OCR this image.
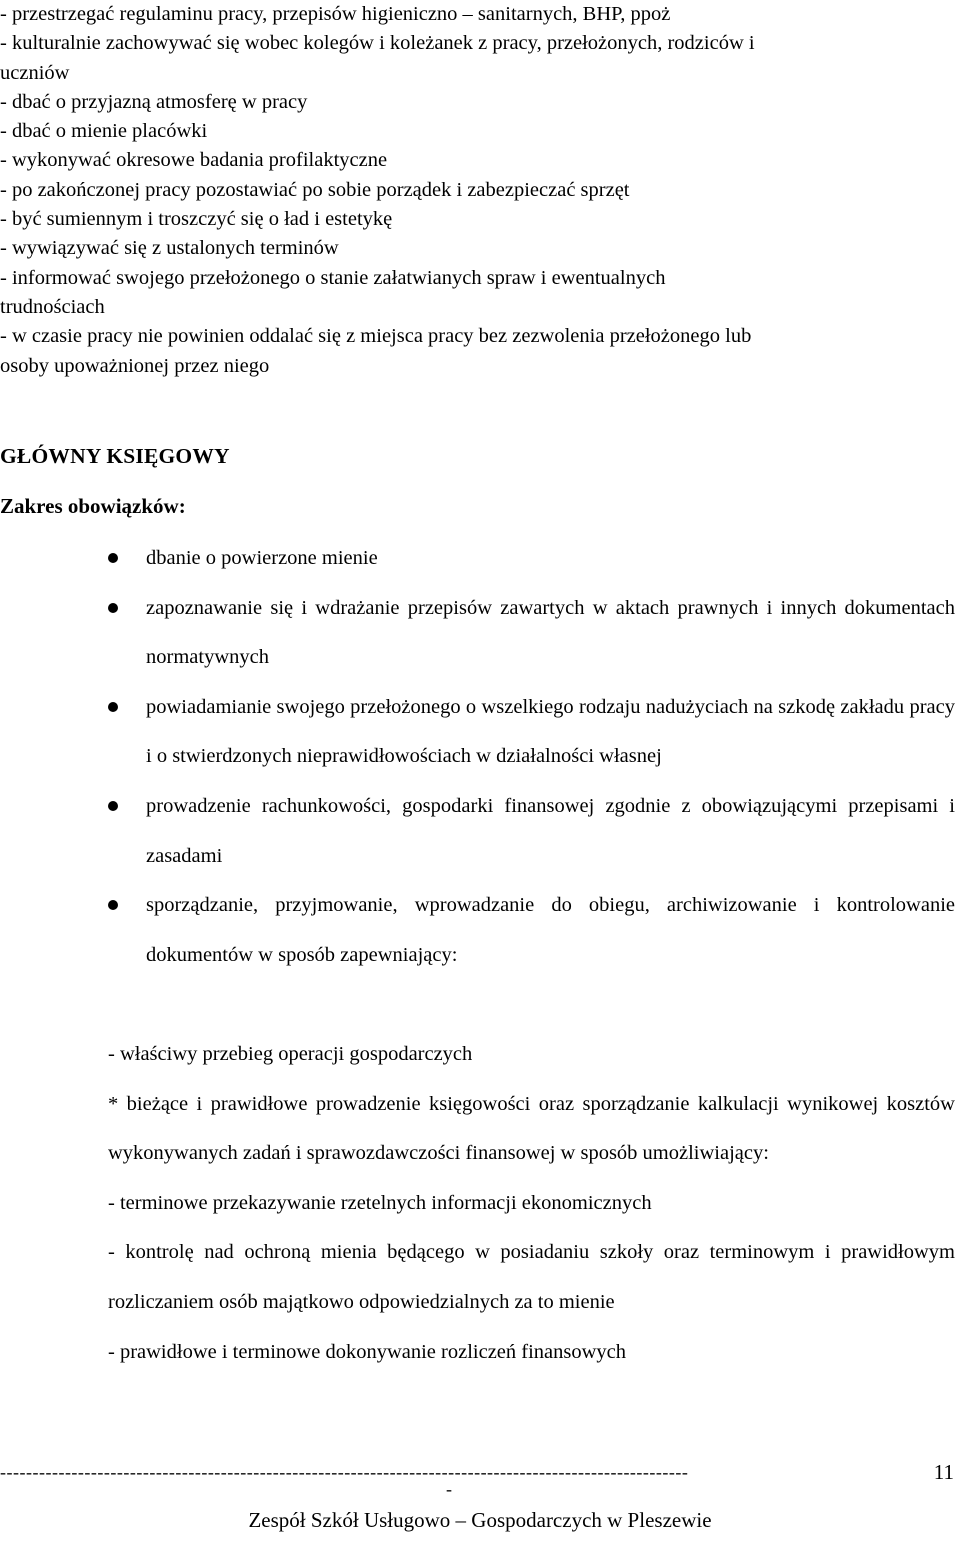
- przestrzegać regulaminu pracy, przepisów higieniczno – sanitarnych, BHP, ppoż

- kulturalnie zachowywać się wobec kolegów i koleżanek z pracy, przełożonych, rodziców i

uczniów

- dbać o przyjazną atmosferę w pracy

- dbać o mienie placówki

- wykonywać okresowe badania profilaktyczne

- po zakończonej pracy pozostawiać po sobie porządek i zabezpieczać sprzęt

- być sumiennym i troszczyć się o ład i estetykę

- wywiązywać się z ustalonych terminów

- informować swojego przełożonego o stanie załatwianych spraw i ewentualnych

trudnościach

- w czasie pracy nie powinien oddalać się z miejsca pracy bez zezwolenia przełożonego lub

osoby upoważnionej przez niego

GŁÓWNY KSIĘGOWY
Zakres obowiązków:
dbanie o powierzone mienie
zapoznawanie się i wdrażanie przepisów zawartych w aktach prawnych i innych dokumentach normatywnych
powiadamianie swojego przełożonego o wszelkiego rodzaju nadużyciach na szkodę zakładu pracy i o stwierdzonych nieprawidłowościach w działalności własnej
prowadzenie rachunkowości, gospodarki finansowej zgodnie z obowiązującymi przepisami i zasadami
sporządzanie, przyjmowanie, wprowadzanie do obiegu, archiwizowanie i kontrolowanie dokumentów w sposób zapewniający:

- właściwy przebieg operacji gospodarczych

* bieżące i prawidłowe prowadzenie księgowości oraz sporządzanie kalkulacji wynikowej kosztów wykonywanych zadań i sprawozdawczości finansowej w sposób umożliwiający:

- terminowe przekazywanie rzetelnych informacji ekonomicznych

- kontrolę nad ochroną mienia będącego w posiadaniu szkoły oraz terminowym i prawidłowym rozliczaniem osób majątkowo odpowiedzialnych za to mienie

- prawidłowe i terminowe dokonywanie rozliczeń finansowych

----------------------------------------------------------------------------------------------------------	11
-
Zespół Szkół Usługowo – Gospodarczych w Pleszewie
